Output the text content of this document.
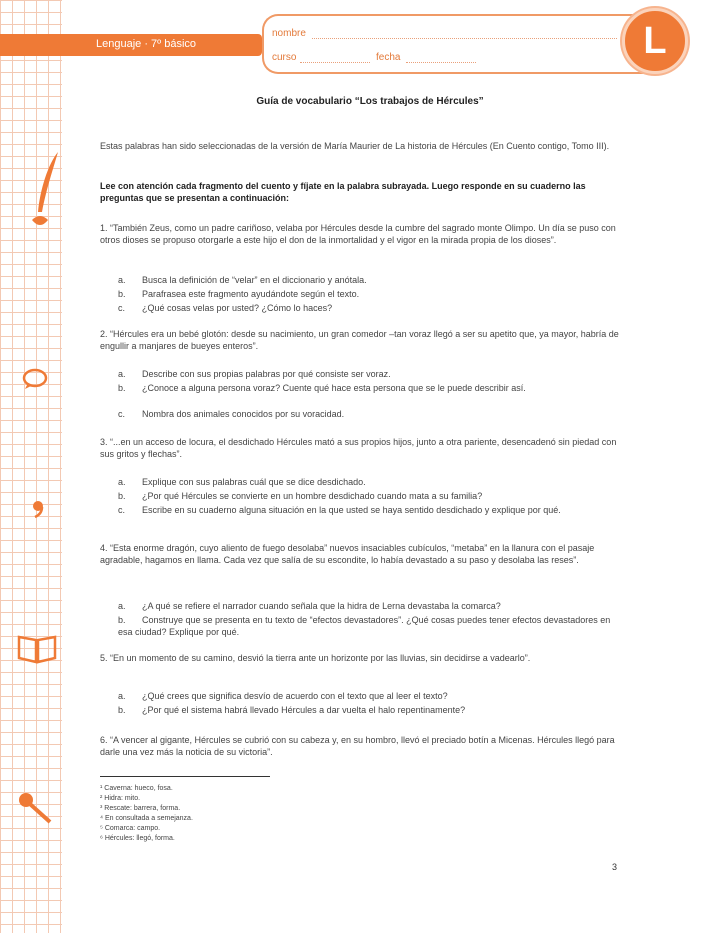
Lenguaje · 7º básico
nombre
curso	fecha	L
Guía de vocabulario “Los trabajos de Hércules”
Estas palabras han sido seleccionadas de la versión de María Maurier de La historia de Hércules (En Cuento contigo, Tomo III).
Lee con atención cada fragmento del cuento y fíjate en la palabra subrayada. Luego responde en su cuaderno las preguntas que se presentan a continuación:
1. “También Zeus, como un padre cariñoso, velaba por Hércules desde la cumbre del sagrado monte Olimpo. Un día se puso con otros dioses se propuso otorgarle a este hijo el don de la inmortalidad y el vigor en la mirada propia de los dioses”.
a. Busca la definición de “velar” en el diccionario y anótala.
b. Parafrasea este fragmento ayudándote según el texto.
c. ¿Qué cosas velas por usted? ¿Cómo lo haces?
2. “Hércules era un bebé glotón: desde su nacimiento, un gran comedor –tan voraz llegó a ser su apetito que, ya mayor, habría de engullir a manjares de bueyes enteros”.
a. Describe con sus propias palabras por qué consiste ser voraz.
b. ¿Conoce a alguna persona voraz? Cuente qué hace esta persona que se le puede describir así.
c. Nombra dos animales conocidos por su voracidad.
3. “...en un acceso de locura, el desdichado Hércules mató a sus propios hijos, junto a otra pariente, desencadenó sin piedad con sus gritos y flechas”.
a. Explique con sus palabras cuál que se dice desdichado.
b. ¿Por qué Hércules se convierte en un hombre desdichado cuando mata a su familia?
c. Escribe en su cuaderno alguna situación en la que usted se haya sentido desdichado y explique por qué.
4. “Esta enorme dragón, cuyo aliento de fuego desolaba” nuevos insaciables cubículos, “metaba” en la llanura con el pasaje agradable, hagamos en llama. Cada vez que salía de su escondite, lo había devastado a su paso y desolaba las reses”.
a. ¿A qué se refiere el narrador cuando señala que la hidra de Lerna devastaba la comarca?
b. Construye que se presenta en tu texto de “efectos devastadores”. ¿Qué cosas puedes tener efectos devastadores en esa ciudad? Explique por qué.
5. “En un momento de su camino, desvió la tierra ante un horizonte por las lluvias, sin decidirse a vadearlo”.
a. ¿Qué crees que significa desvío de acuerdo con el texto que al leer el texto?
b. ¿Por qué el sistema habrá llevado Hércules a dar vuelta el halo repentinamente?
6. “A vencer al gigante, Hércules se cubrió con su cabeza y, en su hombro, llevó el preciado botín a Micenas. Hércules llegó para darle una vez más la noticia de su victoria”.
¹ Caverna: hueco, fosa.
² Hidra: mito.
³ Rescate: barrera, forma.
⁴ En consultada a semejanza.
⁵ Comarca: campo.
⁶ Hércules: llegó, forma.
3
